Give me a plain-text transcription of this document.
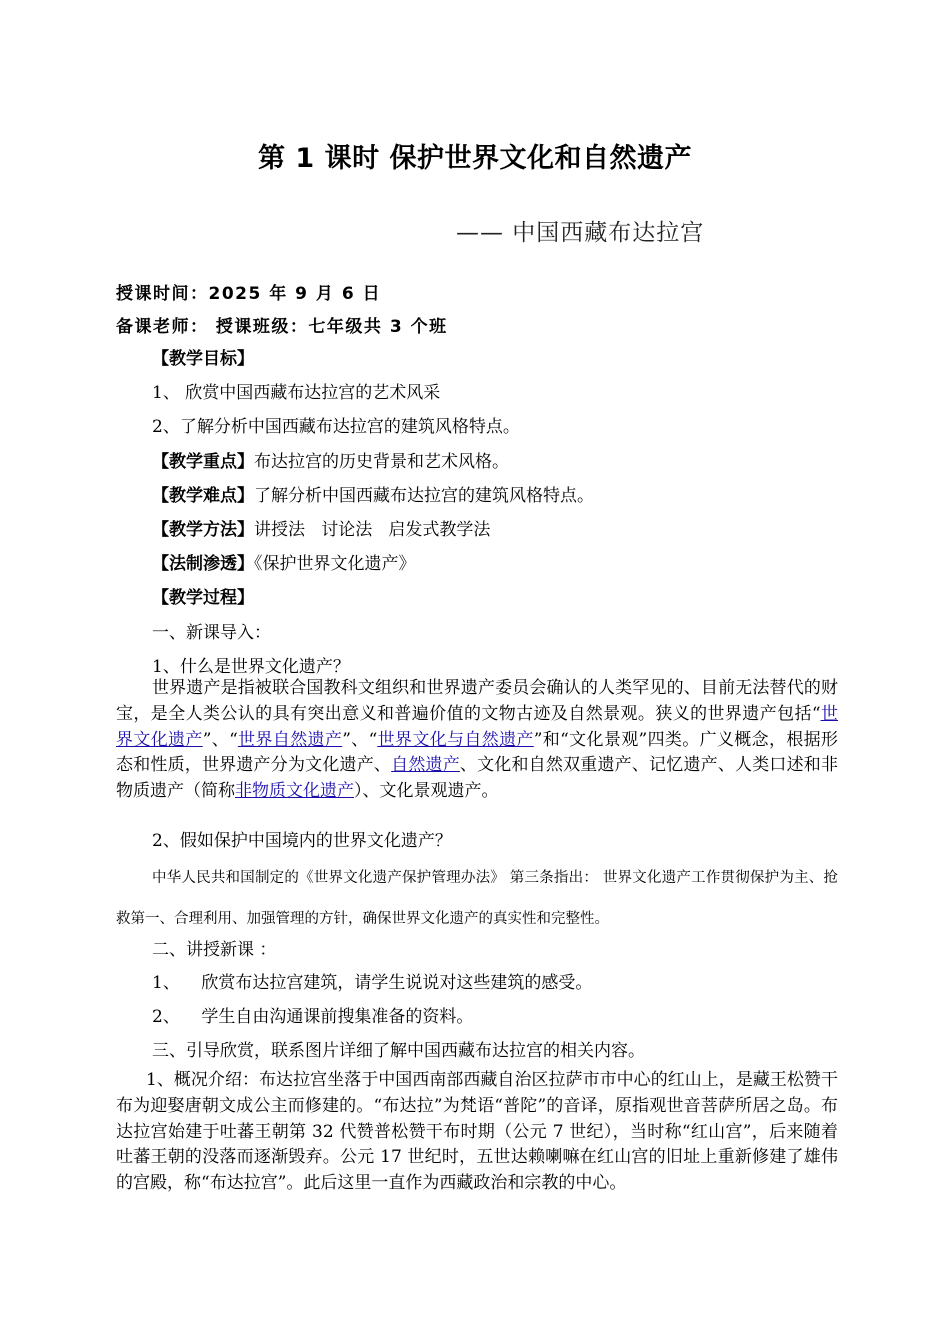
第 1 课时 保护世界文化和自然遗产
—— 中国西藏布达拉宫
授课时间：2025 年 9 月 6 日
备课老师： 授课班级：七年级共 3 个班
【教学目标】
1、 欣赏中国西藏布达拉宫的艺术风采
2、了解分析中国西藏布达拉宫的建筑风格特点。
【教学重点】布达拉宫的历史背景和艺术风格。
【教学难点】了解分析中国西藏布达拉宫的建筑风格特点。
【教学方法】讲授法   讨论法   启发式教学法
【法制渗透】《保护世界文化遗产》
【教学过程】
一、新课导入：
1、什么是世界文化遗产？
世界遗产是指被联合国教科文组织和世界遗产委员会确认的人类罕见的、目前无法替代的财宝，是全人类公认的具有突出意义和普遍价值的文物古迹及自然景观。狭义的世界遗产包括“世界文化遗产”、“世界自然遗产”、“世界文化与自然遗产”和“文化景观”四类。广义概念，根据形态和性质，世界遗产分为文化遗产、自然遗产、文化和自然双重遗产、记忆遗产、人类口述和非物质遗产（简称非物质文化遗产）、文化景观遗产。
2、假如保护中国境内的世界文化遗产？
中华人民共和国制定的《世界文化遗产保护管理办法》 第三条指出： 世界文化遗产工作贯彻保护为主、抢救第一、合理利用、加强管理的方针，确保世界文化遗产的真实性和完整性。
二、讲授新课 ：
1、    欣赏布达拉宫建筑，请学生说说对这些建筑的感受。
2、    学生自由沟通课前搜集准备的资料。
三、引导欣赏，联系图片详细了解中国西藏布达拉宫的相关内容。
1、概况介绍：布达拉宫坐落于中国西南部西藏自治区拉萨市市中心的红山上，是藏王松赞干布为迎娶唐朝文成公主而修建的。“布达拉”为梵语“普陀”的音译，原指观世音菩萨所居之岛。布达拉宫始建于吐蕃王朝第 32 代赞普松赞干布时期（公元 7 世纪），当时称“红山宫”，后来随着吐蕃王朝的没落而逐渐毁弃。公元 17 世纪时，五世达赖喇嘛在红山宫的旧址上重新修建了雄伟的宫殿，称“布达拉宫”。此后这里一直作为西藏政治和宗教的中心。
